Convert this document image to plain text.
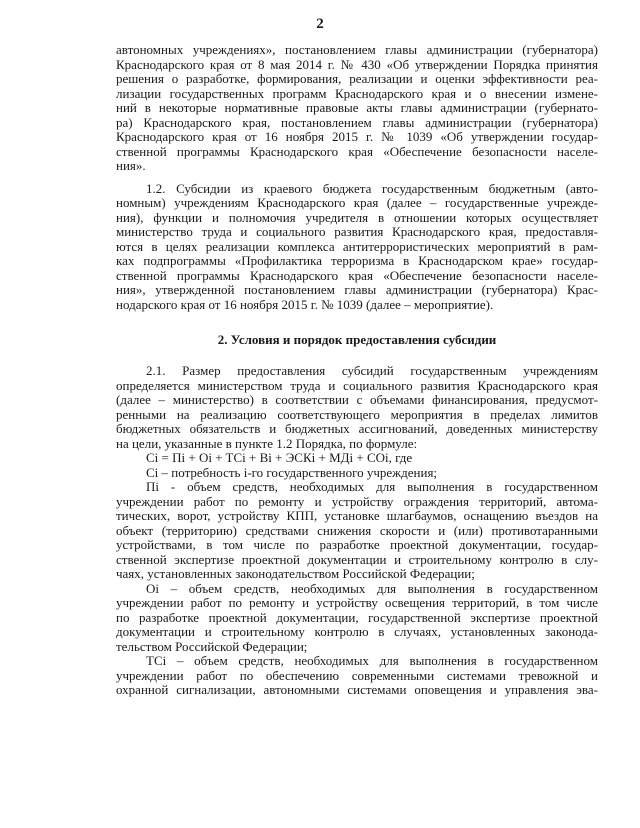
2
автономных учреждениях», постановлением главы администрации (губернатора)
Краснодарского края от 8 мая 2014 г. № 430 «Об утверждении Порядка принятия
решения о разработке, формирования, реализации и оценки эффективности реа-
лизации государственных программ Краснодарского края и о внесении измене-
ний в некоторые нормативные правовые акты главы администрации (губернато-
ра) Краснодарского края, постановлением главы администрации (губернатора)
Краснодарского края от 16 ноября 2015 г. № 1039 «Об утверждении государ-
ственной программы Краснодарского края «Обеспечение безопасности населе-
ния».
1.2. Субсидии из краевого бюджета государственным бюджетным (авто-
номным) учреждениям Краснодарского края (далее – государственные учрежде-
ния), функции и полномочия учредителя в отношении которых осуществляет
министерство труда и социального развития Краснодарского края, предоставля-
ются в целях реализации комплекса антитеррористических мероприятий в рам-
ках подпрограммы «Профилактика терроризма в Краснодарском крае» государ-
ственной программы Краснодарского края «Обеспечение безопасности населе-
ния», утвержденной постановлением главы администрации (губернатора) Крас-
нодарского края от 16 ноября 2015 г. № 1039 (далее – мероприятие).
2. Условия и порядок предоставления субсидии
2.1. Размер предоставления субсидий государственным учреждениям
определяется министерством труда и социального развития Краснодарского края
(далее – министерство) в соответствии с объемами финансирования, предусмот-
ренными на реализацию соответствующего мероприятия в пределах лимитов
бюджетных обязательств и бюджетных ассигнований, доведенных министерству
на цели, указанные в пункте 1.2 Порядка, по формуле:
Ci = Пi + Oi + TCi + Bi + ЭСКi + МДi + COi, где
Ci – потребность i-го государственного учреждения;
Пi - объем средств, необходимых для выполнения в государственном
учреждении работ по ремонту и устройству ограждения территорий, автома-
тических, ворот, устройству КПП, установке шлагбаумов, оснащению въездов на
объект (территорию) средствами снижения скорости и (или) противотаранными
устройствами, в том числе по разработке проектной документации, государ-
ственной экспертизе проектной документации и строительному контролю в слу-
чаях, установленных законодательством Российской Федерации;
Oi – объем средств, необходимых для выполнения в государственном
учреждении работ по ремонту и устройству освещения территорий, в том числе
по разработке проектной документации, государственной экспертизе проектной
документации и строительному контролю в случаях, установленных законода-
тельством Российской Федерации;
TCi – объем средств, необходимых для выполнения в государственном
учреждении работ по обеспечению современными системами тревожной и
охранной сигнализации, автономными системами оповещения и управления эва-
